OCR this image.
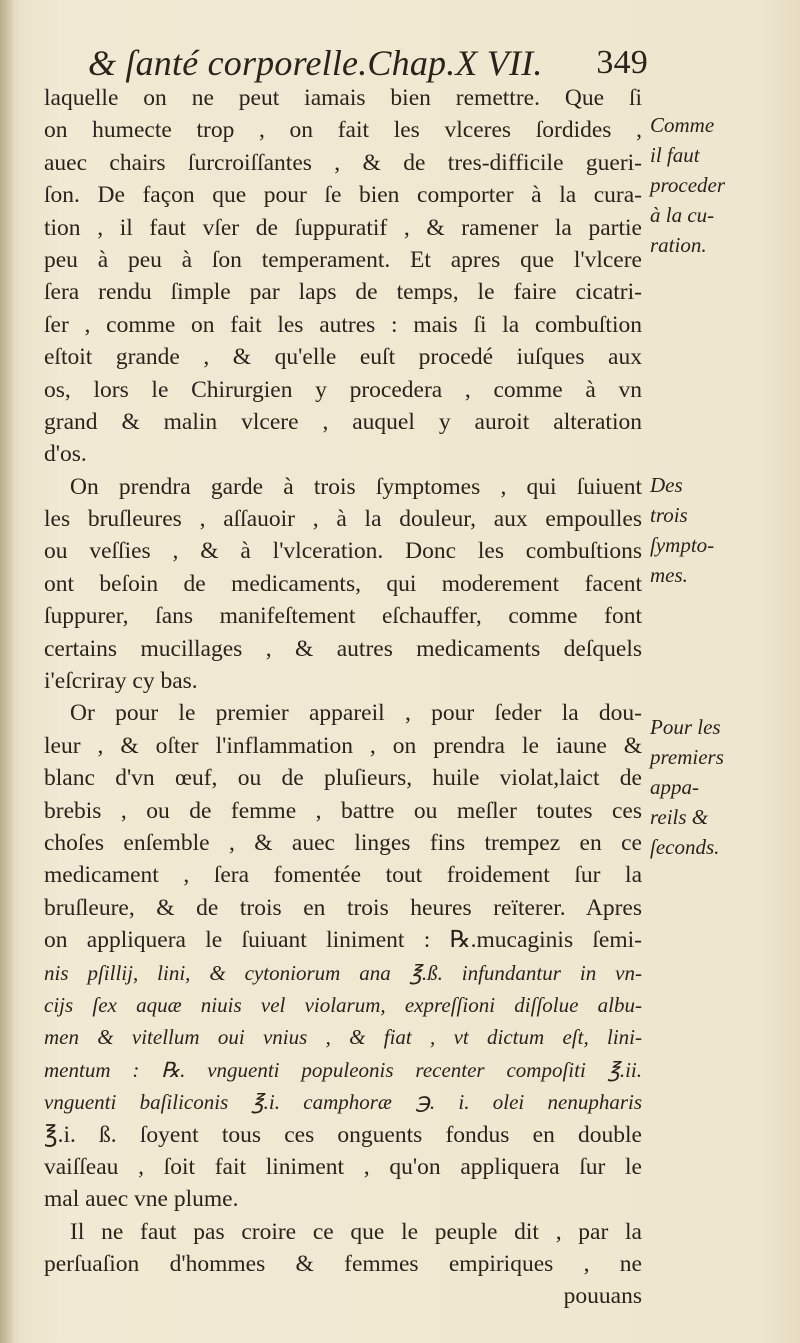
& ſanté corporelle.Chap.X VII. 349
laquelle on ne peut iamais bien remettre. Que ſi
on humecte trop , on fait les vlceres ſordides ,
auec chairs ſurcroiſſantes , & de tres-difficile gueri-
ſon. De façon que pour ſe bien comporter à la cura-
tion , il faut vſer de ſuppuratif , & ramener la partie
peu à peu à ſon temperament. Et apres que l'vlcere
ſera rendu ſimple par laps de temps, le faire cicatri-
ſer , comme on fait les autres : mais ſi la combuſtion
eſtoit grande , & qu'elle euſt procedé iuſques aux
os, lors le Chirurgien y procedera , comme à vn
grand & malin vlcere , auquel y auroit alteration
d'os.
On prendra garde à trois ſymptomes , qui ſuiuent
les bruſleures , aſſauoir , à la douleur, aux empoulles
ou veſſies , & à l'vlceration. Donc les combuſtions
ont beſoin de medicaments, qui moderement facent
ſuppurer, ſans manifeſtement eſchauffer, comme font
certains mucillages , & autres medicaments deſquels
i'eſcriray cy bas.
Or pour le premier appareil , pour ſeder la dou-
leur , & oſter l'inflammation , on prendra le iaune &
blanc d'vn œuf, ou de pluſieurs, huile violat,laict de
brebis , ou de femme , battre ou meſler toutes ces
choſes enſemble , & auec linges fins trempez en ce
medicament , ſera fomentée tout froidement ſur la
bruſleure, & de trois en trois heures reïterer. Apres
on appliquera le ſuiuant liniment : ℞.mucaginis ſemi-
nis pſillij, lini, & cytoniorum ana ℥.ß. infundantur in vn-
cijs ſex aquæ niuis vel violarum, expreſſioni diſſolue albu-
men & vitellum oui vnius , & fiat , vt dictum eſt, lini-
mentum : ℞. vnguenti populeonis recenter compoſiti ℥.ii.
vnguenti baſiliconis ℥.i. camphoræ ℈. i. olei nenupharis
℥.i. ß. ſoyent tous ces onguents fondus en double
vaiſſeau , ſoit fait liniment , qu'on appliquera ſur le
mal auec vne plume.
Il ne faut pas croire ce que le peuple dit , par la
perſuaſion d'hommes & femmes empiriques , ne
pouuans
Comme
il faut
proceder
à la cu-
ration.
Des
trois
ſympto-
mes.
Pour les
premiers
appa-
reils &
ſeconds.
